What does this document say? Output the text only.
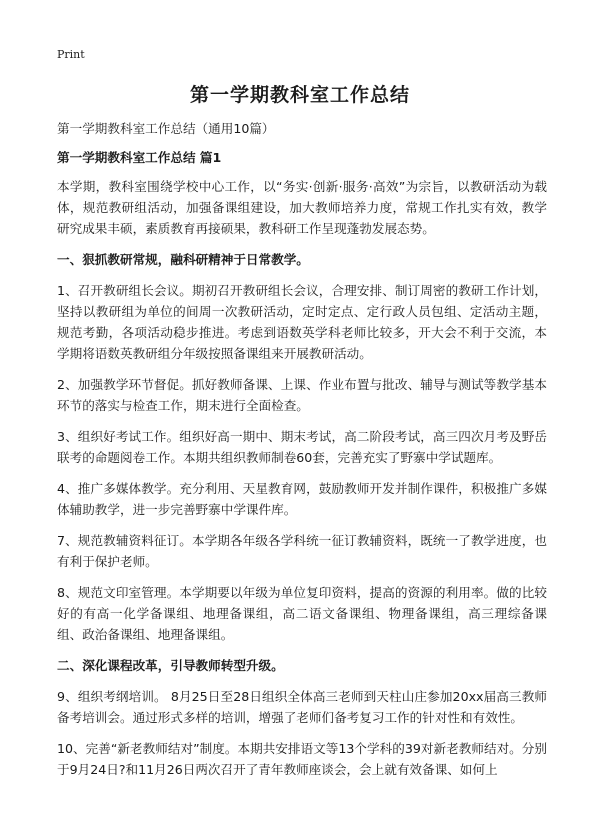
Print
第一学期教科室工作总结

第一学期教科室工作总结（通用10篇）

第一学期教科室工作总结 篇1

本学期，教科室围绕学校中心工作，以“务实·创新·服务·高效”为宗旨，以教研活动为载体，规范教研组活动，加强备课组建设，加大教师培养力度，常规工作扎实有效，教学研究成果丰硕，素质教育再接硕果，教科研工作呈现蓬勃发展态势。

一、狠抓教研常规，融科研精神于日常教学。

1、召开教研组长会议。期初召开教研组长会议，合理安排、制订周密的教研工作计划，坚持以教研组为单位的间周一次教研活动，定时定点、定行政人员包组、定活动主题，规范考勤，各项活动稳步推进。考虑到语数英学科老师比较多，开大会不利于交流，本学期将语数英教研组分年级按照备课组来开展教研活动。

2、加强教学环节督促。抓好教师备课、上课、作业布置与批改、辅导与测试等教学基本环节的落实与检查工作，期末进行全面检查。

3、组织好考试工作。组织好高一期中、期末考试，高二阶段考试，高三四次月考及野岳联考的命题阅卷工作。本期共组织教师制卷60套，完善充实了野寨中学试题库。

4、推广多媒体教学。充分利用、天星教育网，鼓励教师开发并制作课件，积极推广多媒体辅助教学，进一步完善野寨中学课件库。

7、规范教辅资料征订。本学期各年级各学科统一征订教辅资料，既统一了教学进度，也有利于保护老师。

8、规范文印室管理。本学期要以年级为单位复印资料，提高的资源的利用率。做的比较好的有高一化学备课组、地理备课组，高二语文备课组、物理备课组，高三理综备课组、政治备课组、地理备课组。

二、深化课程改革，引导教师转型升级。

9、组织考纲培训。 8月25日至28日组织全体高三老师到天柱山庄参加20xx届高三教师备考培训会。通过形式多样的培训，增强了老师们备考复习工作的针对性和有效性。

10、完善“新老教师结对”制度。本期共安排语文等13个学科的39对新老教师结对。分别于9月24日?和11月26日两次召开了青年教师座谈会，会上就有效备课、如何上
